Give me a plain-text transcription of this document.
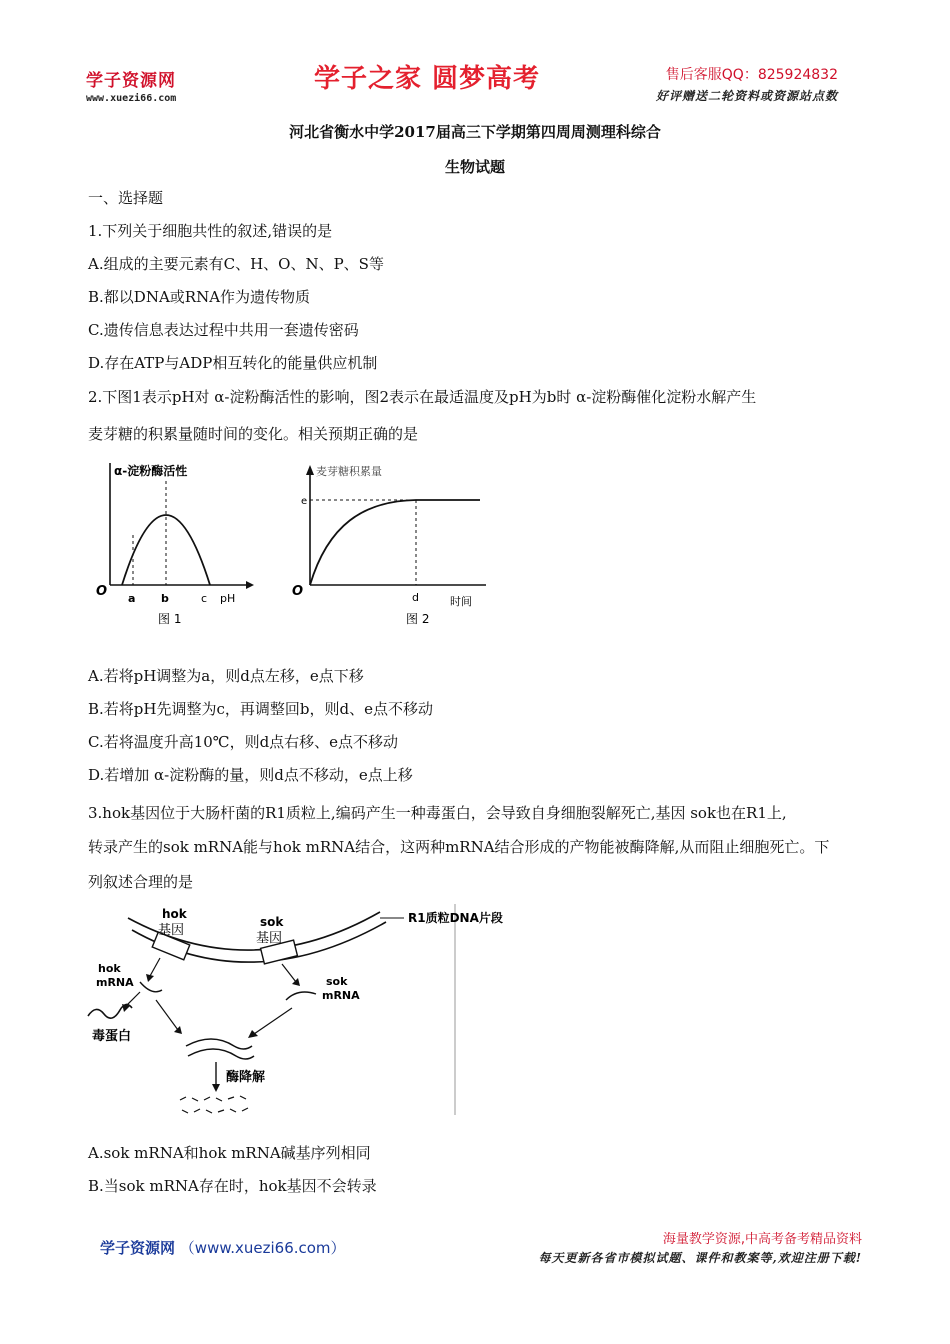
学子资源网
www.xuezi66.com
学子之家 圆梦高考	售后客服QQ：825924832
好评赠送二轮资料或资源站点数
河北省衡水中学2017届高三下学期第四周周测理科综合
生物试题
一、选择题
1.下列关于细胞共性的叙述,错误的是
A.组成的主要元素有C、H、O、N、P、S等
B.都以DNA或RNA作为遗传物质
C.遗传信息表达过程中共用一套遗传密码
D.存在ATP与ADP相互转化的能量供应机制
2.下图1表示pH对 α-淀粉酶活性的影响，图2表示在最适温度及pH为b时 α-淀粉酶催化淀粉水解产生
麦芽糖的积累量随时间的变化。相关预期正确的是
α-淀粉酶活性
O a b	c pH
图 1
麦芽糖积累量
e
O	d	时间
图 2
A.若将pH调整为a，则d点左移，e点下移
B.若将pH先调整为c，再调整回b，则d、e点不移动
C.若将温度升高10℃，则d点右移、e点不移动
D.若增加 α-淀粉酶的量，则d点不移动，e点上移
3.hok基因位于大肠杆菌的R1质粒上,编码产生一种毒蛋白，会导致自身细胞裂解死亡,基因 sok也在R1上,
转录产生的sok mRNA能与hok mRNA结合，这两种mRNA结合形成的产物能被酶降解,从而阻止细胞死亡。下
列叙述合理的是
hok
基因
sok
基因
R1质粒DNA片段
hok
mRNA
毒蛋白
sok
mRNA
酶降解
A.sok mRNA和hok mRNA碱基序列相同
B.当sok mRNA存在时，hok基因不会转录
学子资源网 （www.xuezi66.com）	海量教学资源,中高考备考精品资料
每天更新各省市模拟试题、课件和教案等,欢迎注册下载!
